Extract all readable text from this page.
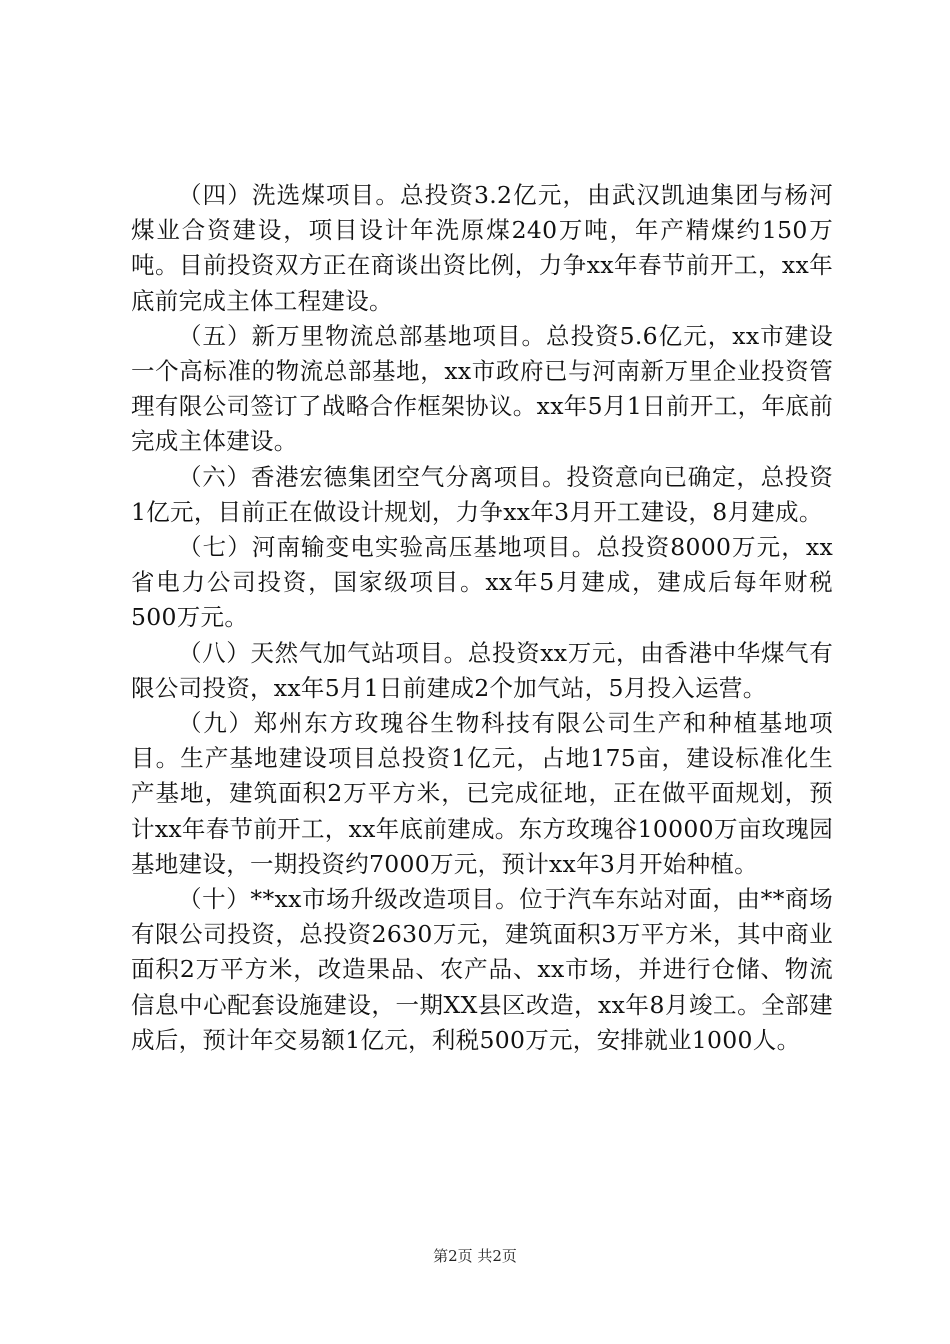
（四）洗选煤项目。总投资3.2亿元，由武汉凯迪集团与杨河煤业合资建设，项目设计年洗原煤240万吨，年产精煤约150万吨。目前投资双方正在商谈出资比例，力争xx年春节前开工，xx年底前完成主体工程建设。

（五）新万里物流总部基地项目。总投资5.6亿元，xx市建设一个高标准的物流总部基地，xx市政府已与河南新万里企业投资管理有限公司签订了战略合作框架协议。xx年5月1日前开工，年底前完成主体建设。

（六）香港宏德集团空气分离项目。投资意向已确定，总投资1亿元，目前正在做设计规划，力争xx年3月开工建设，8月建成。

（七）河南输变电实验高压基地项目。总投资8000万元，xx省电力公司投资，国家级项目。xx年5月建成，建成后每年财税500万元。

（八）天然气加气站项目。总投资xx万元，由香港中华煤气有限公司投资，xx年5月1日前建成2个加气站，5月投入运营。

（九）郑州东方玫瑰谷生物科技有限公司生产和种植基地项目。生产基地建设项目总投资1亿元，占地175亩，建设标准化生产基地，建筑面积2万平方米，已完成征地，正在做平面规划，预计xx年春节前开工，xx年底前建成。东方玫瑰谷10000万亩玫瑰园基地建设，一期投资约7000万元，预计xx年3月开始种植。

（十）**xx市场升级改造项目。位于汽车东站对面，由**商场有限公司投资，总投资2630万元，建筑面积3万平方米，其中商业面积2万平方米，改造果品、农产品、xx市场，并进行仓储、物流信息中心配套设施建设，一期XX县区改造，xx年8月竣工。全部建成后，预计年交易额1亿元，利税500万元，安排就业1000人。

第2页 共2页
